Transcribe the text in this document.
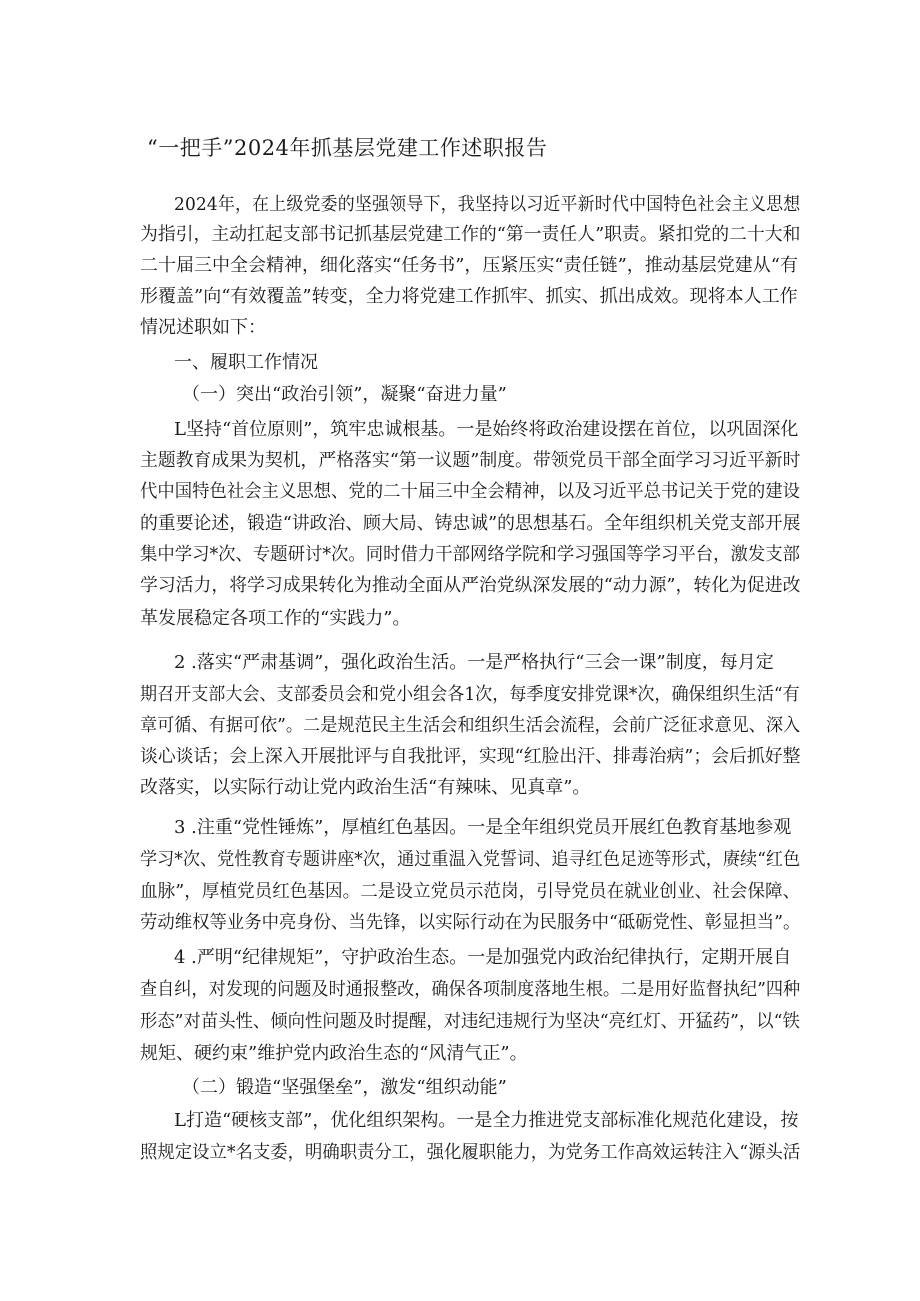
“一把手”2024年抓基层党建工作述职报告
2024年，在上级党委的坚强领导下，我坚持以习近平新时代中国特色社会主义思想
为指引，主动扛起支部书记抓基层党建工作的“第一责任人”职责。紧扣党的二十大和
二十届三中全会精神，细化落实“任务书”，压紧压实“责任链”，推动基层党建从“有
形覆盖”向“有效覆盖”转变，全力将党建工作抓牢、抓实、抓出成效。现将本人工作
情况述职如下：
一、履职工作情况
（一）突出“政治引领”，凝聚“奋进力量”
L坚持“首位原则”，筑牢忠诚根基。一是始终将政治建设摆在首位，以巩固深化
主题教育成果为契机，严格落实“第一议题”制度。带领党员干部全面学习习近平新时
代中国特色社会主义思想、党的二十届三中全会精神，以及习近平总书记关于党的建设
的重要论述，锻造“讲政治、顾大局、铸忠诚”的思想基石。全年组织机关党支部开展
集中学习*次、专题研讨*次。同时借力干部网络学院和学习强国等学习平台，激发支部
学习活力，将学习成果转化为推动全面从严治党纵深发展的“动力源”，转化为促进改
革发展稳定各项工作的“实践力”。
2 .落实“严肃基调”，强化政治生活。一是严格执行“三会一课”制度，每月定
期召开支部大会、支部委员会和党小组会各1次，每季度安排党课*次，确保组织生活“有
章可循、有据可依”。二是规范民主生活会和组织生活会流程，会前广泛征求意见、深入
谈心谈话；会上深入开展批评与自我批评，实现“红脸出汗、排毒治病”；会后抓好整
改落实，以实际行动让党内政治生活“有辣味、见真章”。
3 .注重“党性锤炼”，厚植红色基因。一是全年组织党员开展红色教育基地参观
学习*次、党性教育专题讲座*次，通过重温入党誓词、追寻红色足迹等形式，赓续“红色
血脉”，厚植党员红色基因。二是设立党员示范岗，引导党员在就业创业、社会保障、
劳动维权等业务中亮身份、当先锋，以实际行动在为民服务中“砥砺党性、彰显担当”。
4 .严明“纪律规矩”，守护政治生态。一是加强党内政治纪律执行，定期开展自
查自纠，对发现的问题及时通报整改，确保各项制度落地生根。二是用好监督执纪”四种
形态”对苗头性、倾向性问题及时提醒，对违纪违规行为坚决“亮红灯、开猛药”，以“铁
规矩、硬约束”维护党内政治生态的“风清气正”。
（二）锻造“坚强堡垒”，激发“组织动能”
L打造“硬核支部”，优化组织架构。一是全力推进党支部标准化规范化建设，按
照规定设立*名支委，明确职责分工，强化履职能力，为党务工作高效运转注入“源头活
